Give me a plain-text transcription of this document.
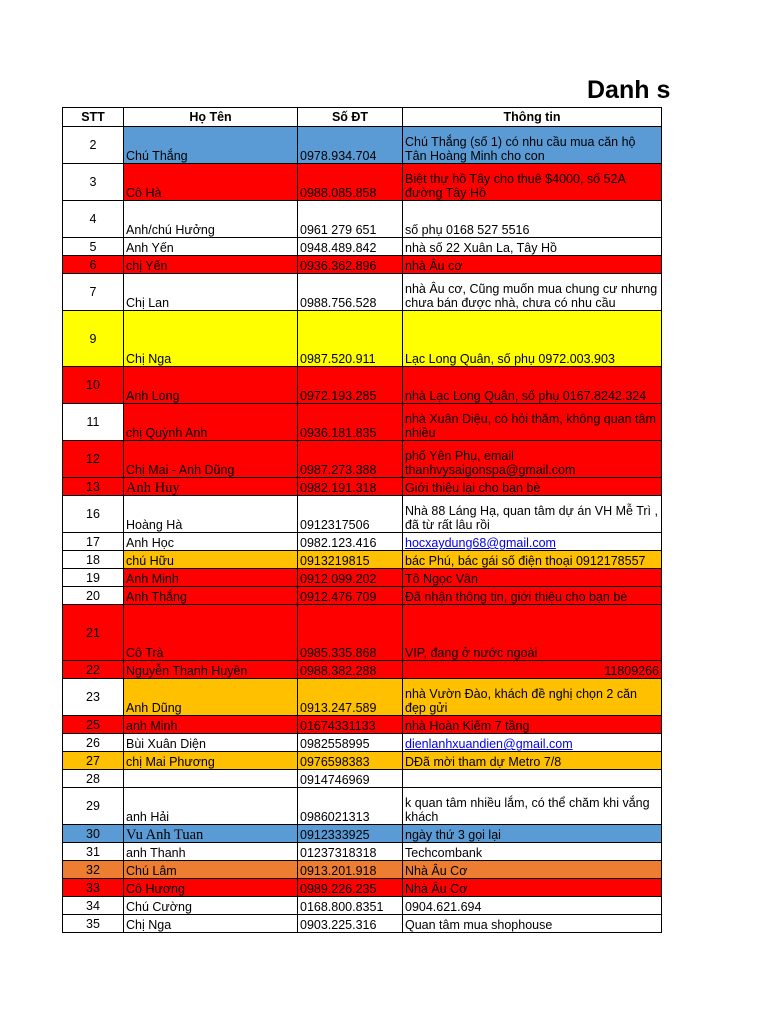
Danh s
STT	Họ Tên	Số ĐT	Thông tin
2	Chú Thắng	0978.934.704	Chú Thắng (số 1) có nhu cầu mua căn hộ Tân Hoàng Minh cho con
3	Cô Hà	0988.085.858	Biệt thự hồ Tây cho thuê $4000, số 52A đường Tây Hồ
4	Anh/chú Hưởng	0961 279 651	số phụ 0168 527 5516
5	Anh Yến	0948.489.842	nhà số 22 Xuân La, Tây Hồ
6	chị Yến	0936.362.896	nhà Âu cơ
7	Chị Lan	0988.756.528	nhà Âu cơ, Cũng muốn mua chung cư nhưng chưa bán được nhà, chưa có nhu cầu
9	Chị Nga	0987.520.911	Lạc Long Quân, số phụ 0972.003.903
10	Anh Long	0972.193.285	nhà Lạc Long Quân, số phụ 0167.8242.324
11	chị Quỳnh Anh	0936.181.835	nhà Xuân Diệu, có hỏi thăm, không quan tâm nhiều
12	Chị Mai - Anh Dũng	0987.273.388	phố Yên Phụ, email thanhvysaigonspa@gmail.com
13	Anh Huy	0982.191.318	Giới thiệu lại cho bạn bè
16	Hoàng Hà	0912317506	Nhà 88 Láng Hạ, quan tâm dự án VH Mễ Trì , đã từ rất lâu rồi
17	Anh Học	0982.123.416	hocxaydung68@gmail.com
18	chú Hữu	0913219815	bác Phú, bác gái số điện thoại 0912178557
19	Anh Minh	0912.099.202	Tô Ngọc Vân
20	Anh Thắng	0912.476.709	Đã nhận thông tin, giới thiệu cho bạn bè
21	Cô Trà	0985.335.868	VIP, đang ở nước ngoài
22	Nguyễn Thanh Huyền	0988.382.288	11809266
23	Anh Dũng	0913.247.589	nhà Vườn Đào, khách đề nghị chọn 2 căn đẹp gửi
25	anh Minh	01674331133	nhà Hoàn Kiếm 7 tầng
26	Bùi Xuân Diện	0982558995	dienlanhxuandien@gmail.com
27	chị Mai Phương	0976598383	DĐã mời tham dự Metro 7/8
28		0914746969	
29	anh Hải	0986021313	k quan tâm nhiều lắm, có thể chăm khi vắng khách
30	Vu Anh Tuan	0912333925	ngày thứ 3 gọi lại
31	anh Thanh	01237318318	Techcombank
32	Chú Lâm	0913.201.918	Nhà Âu Cơ
33	Cô Hương	0989.226.235	Nhà Âu Cơ
34	Chú Cường	0168.800.8351	0904.621.694
35	Chị Nga	0903.225.316	Quan tâm mua shophouse
